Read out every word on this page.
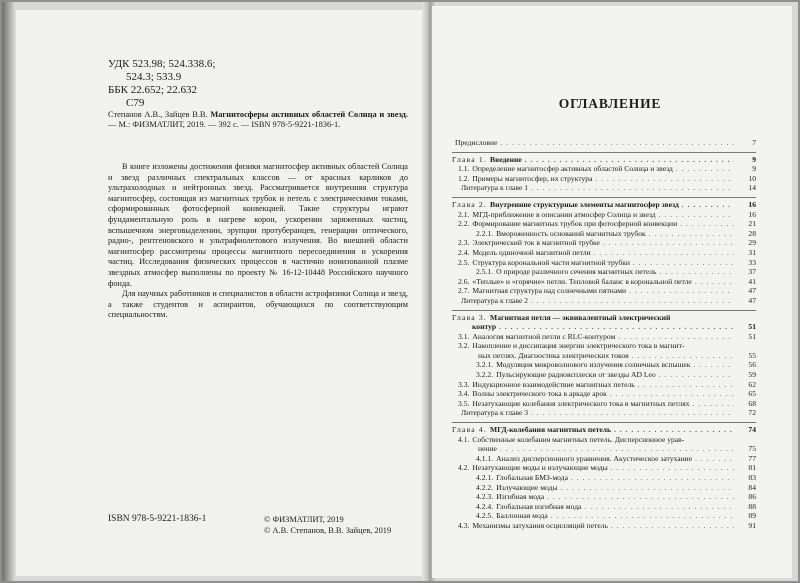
УДК 523.98; 524.338.6;
524.3; 533.9
ББК 22.652; 22.632
С79
Степанов А.В., Зайцев В.В. Магнитосферы активных областей Солнца и звезд. — М.: ФИЗМАТЛИТ, 2019. — 392 с. — ISBN 978-5-9221-1836-1.

В книге изложены достижения физики магнитосфер активных областей Солнца и звезд различных спектральных классов — от красных карликов до ультрахолодных и нейтронных звезд. Рассматривается внутренняя структура магнитосфер, состоящая из магнитных трубок и петель с электрическими токами, сформированных фотосферной конвекцией. Такие структуры играют фундаментальную роль в нагреве корон, ускорении заряженных частиц, вспышечном энерговыделении, эрупции протуберанцев, генерации оптического, радио-, рентгеновского и ультрафиолетового излучения. Во внешней области магнитосфер рассмотрены процессы магнитного пересоединения и ускорения частиц. Исследования физических процессов в частично ионизованной плазме звездных атмосфер выполнены по проекту № 16-12-10448 Российского научного фонда.

Для научных работников и специалистов в области астрофизики Солнца и звезд, а также студентов и аспирантов, обучающихся по соответствующим специальностям.

ISBN 978-5-9221-1836-1	© ФИЗМАТЛИТ, 2019
© А.В. Степанов, В.В. Зайцев, 2019
ОГЛАВЛЕНИЕ
Предисловие . . .	7
Глава 1. Введение . . .	9
1.1. Определение магнитосфер активных областей Солнца и звезд . . .	9
1.2. Примеры магнитосфер, их структура . . .	10
Литература к главе 1 . . .	14
Глава 2. Внутренние структурные элементы магнитосфер звезд . . .	16
2.1. МГД-приближение в описании атмосфер Солнца и звезд . . .	16
2.2. Формирование магнитных трубок при фотосферной конвекции . . .	21
2.2.1. Вмороженность оснований магнитных трубок . . .	28
2.3. Электрический ток в магнитной трубке . . .	29
2.4. Модель одиночной магнитной петли . . .	31
2.5. Структура корональной части магнитной трубки . . .	33
2.5.1. О природе различного сечения магнитных петель . . .	37
2.6. «Теплые» и «горячие» петли. Тепловой баланс в корональной петле . . .	41
2.7. Магнитная структура над солнечными пятнами . . .	47
Литература к главе 2 . . .	47
Глава 3. Магнитная петля — эквивалентный электрический
контур . . .	51
3.1. Аналогия магнитной петли с RLC-контуром . . .	51
3.2. Накопление и диссипация энергии электрического тока в магнит-
ных петлях. Диагностика электрических токов . . .	55
3.2.1. Модуляция микроволнового излучения солнечных вспышек . . .	56
3.2.2. Пульсирующие радиовсплески от звезды AD Leo . . .	59
3.3. Индукционное взаимодействие магнитных петель . . .	62
3.4. Волны электрического тока в аркаде арок . . .	65
3.5. Незатухающие колебания электрического тока в магнитных петлях . . .	68
Литература к главе 3 . . .	72
Глава 4. МГД-колебания магнитных петель . . .	74
4.1. Собственные колебания магнитных петель. Дисперсионное урав-
нение . . .	75
4.1.1. Анализ дисперсионного уравнения. Акустическое затухание . . .	77
4.2. Незатухающие моды и излучающие моды . . .	81
4.2.1. Глобальная БМЗ-мода . . .	83
4.2.2. Излучающие моды . . .	84
4.2.3. Изгибная мода . . .	86
4.2.4. Глобальная изгибная мода . . .	88
4.2.5. Баллонная мода . . .	89
4.3. Механизмы затухания осцилляций петель . . .	91
